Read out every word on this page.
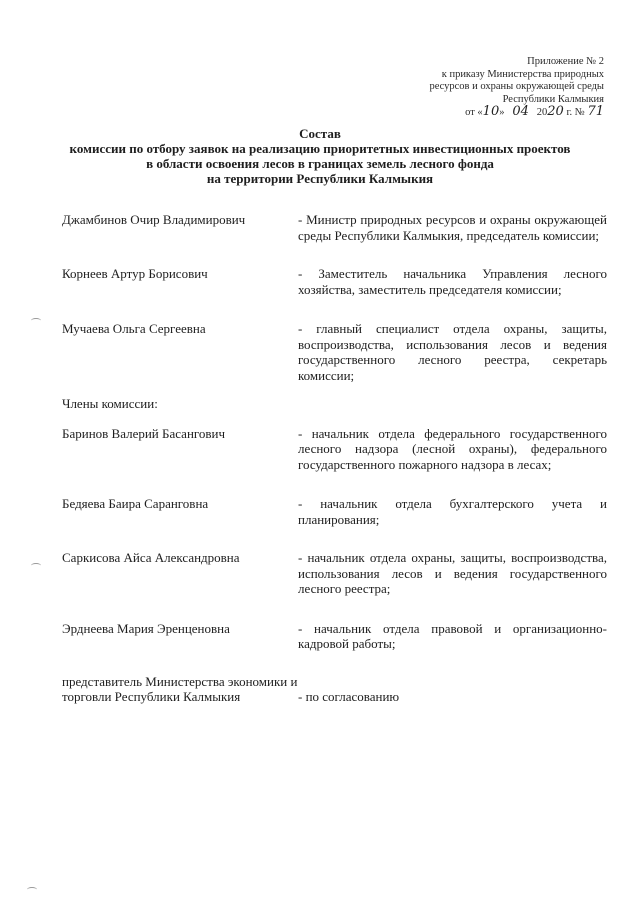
Приложение № 2
к приказу Министерства природных
ресурсов и охраны окружающей среды
Республики Калмыкия
от «10» 04 2020 г. № 71
Состав
комиссии по отбору заявок на реализацию приоритетных инвестиционных проектов
в области освоения лесов в границах земель лесного фонда
на территории Республики Калмыкия
Джамбинов Очир Владимирович	- Министр природных ресурсов и охраны окружающей среды Республики Калмыкия, председатель комиссии;
Корнеев Артур Борисович	- Заместитель начальника Управления лесного хозяйства, заместитель председателя комиссии;
Мучаева Ольга Сергеевна	- главный специалист отдела охраны, защиты, воспроизводства, использования лесов и ведения государственного лесного реестра, секретарь комиссии;
Члены комиссии:
Баринов Валерий Басангович	- начальник отдела федерального государственного лесного надзора (лесной охраны), федерального государственного пожарного надзора в лесах;
Бедяева Баира Саранговна	- начальник отдела бухгалтерского учета и планирования;
Саркисова Айса Александровна	- начальник отдела охраны, защиты, воспроизводства, использования лесов и ведения государственного лесного реестра;
Эрднеева Мария Эренценовна	- начальник отдела правовой и организационно-кадровой работы;
представитель Министерства экономики и торговли Республики Калмыкия	- по согласованию
